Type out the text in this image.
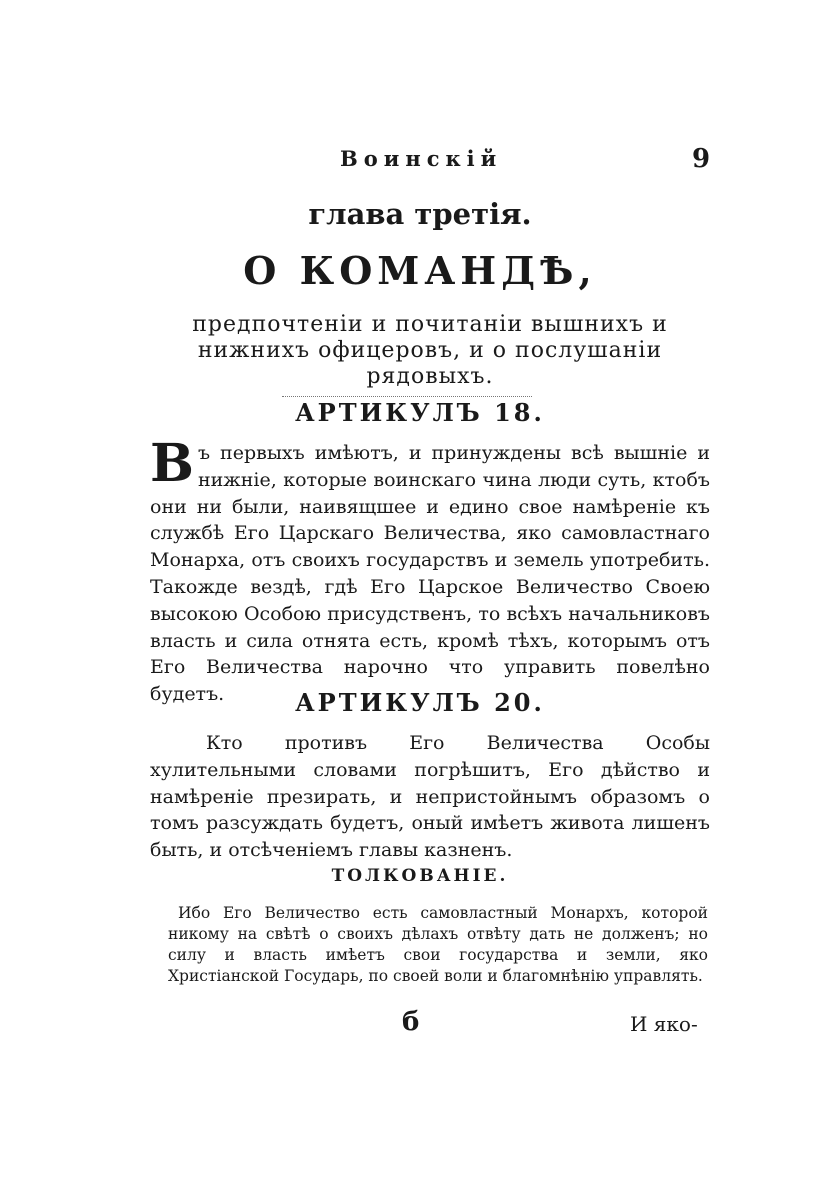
Воинскій	9
глава третія.
О КОМАНДѢ,
предпочтеніи и почитаніи вышнихъ и нижнихъ офицеровъ, и о послушаніи рядовыхъ.
АРТИКУЛЪ 18.
Въ первыхъ имѣютъ, и принуждены всѣ вышніе и нижніе, которые воинскаго чина люди суть, ктобъ они ни были, наивящшее и едино свое намѣреніе къ службѣ Его Царскаго Величества, яко самовластнаго Монарха, отъ своихъ государствъ и земель употребить. Такожде вездѣ, гдѣ Его Царское Величество Своею высокою Особою присудственъ, то всѣхъ начальниковъ власть и сила отнята есть, кромѣ тѣхъ, которымъ отъ Его Величества нарочно что управить повелѣно будетъ.	АРТИКУЛЪ 20.
Кто противъ Его Величества Особы хулительными словами погрѣшитъ, Его дѣйство и намѣреніе презирать, и непристойнымъ образомъ о томъ разсуждать будетъ, оный имѣетъ живота лишенъ быть, и отсѣченіемъ главы казненъ.
ТОЛКОВАНІЕ.
Ибо Его Величество есть самовластный Монархъ, которой никому на свѣтѣ о своихъ дѣлахъ отвѣту дать не долженъ; но силу и власть имѣетъ свои государства и земли, яко Христіанской Государь, по своей воли и благомнѣнію управлять.
б	И яко-
